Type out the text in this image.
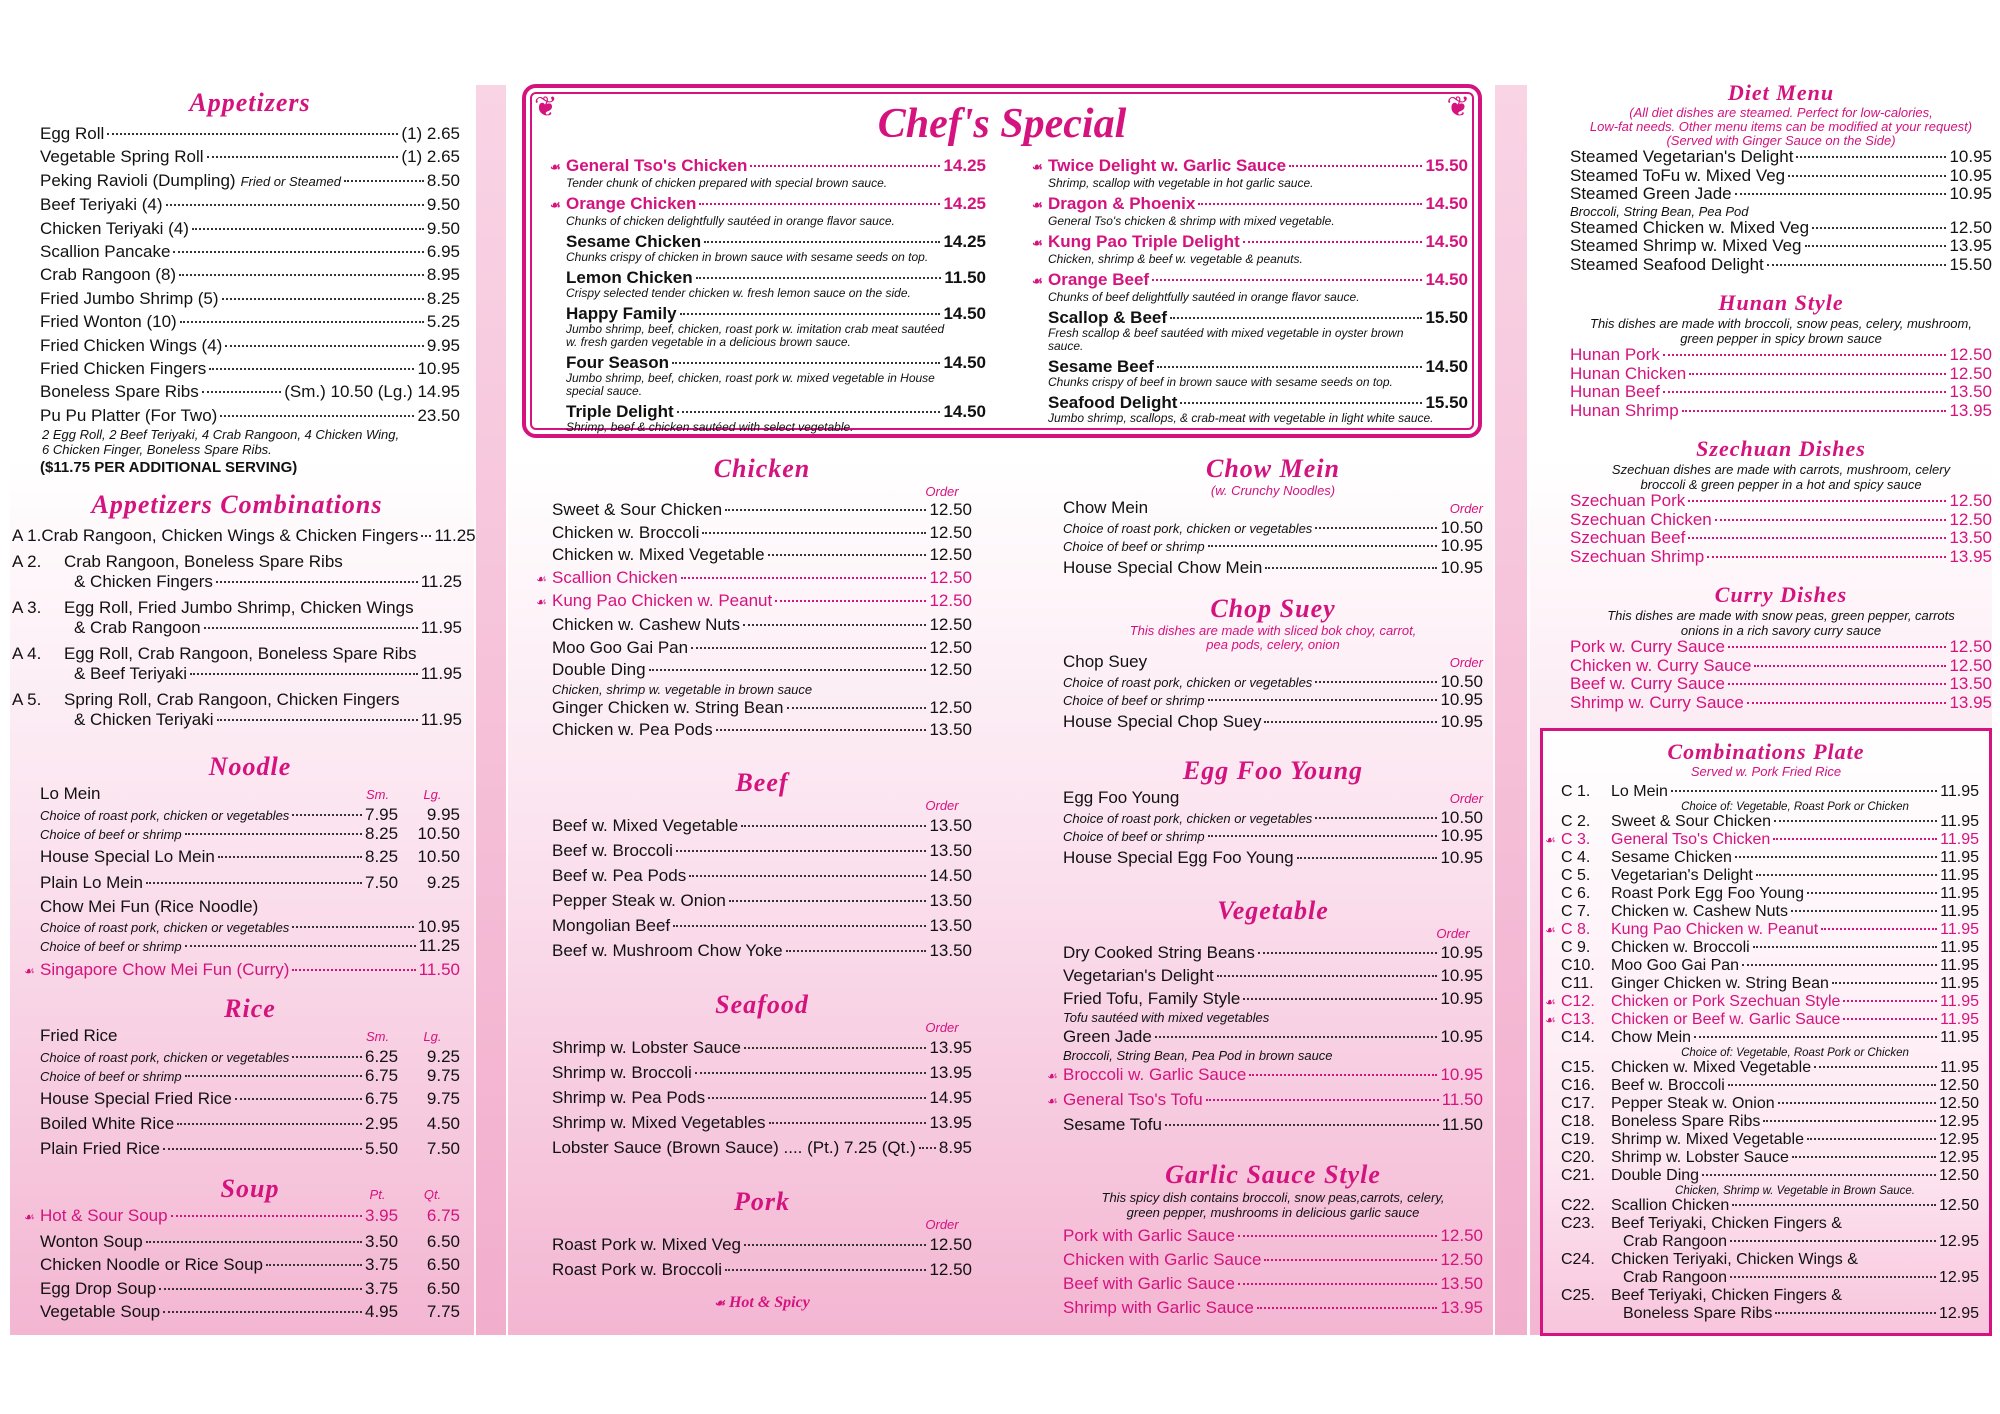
Appetizers
Egg Roll	(1) 2.65
Vegetable Spring Roll	(1) 2.65
Peking Ravioli (Dumpling) Fried or Steamed	8.50
Beef Teriyaki (4)	9.50
Chicken Teriyaki (4)	9.50
Scallion Pancake	6.95
Crab Rangoon (8)	8.95
Fried Jumbo Shrimp (5)	8.25
Fried Wonton (10)	5.25
Fried Chicken Wings (4)	9.95
Fried Chicken Fingers	10.95
Boneless Spare Ribs	(Sm.) 10.50 (Lg.) 14.95
Pu Pu Platter (For Two)	23.50
2 Egg Roll, 2 Beef Teriyaki, 4 Crab Rangoon, 4 Chicken Wing,
6 Chicken Finger, Boneless Spare Ribs.
($11.75 PER ADDITIONAL SERVING)
Appetizers Combinations
A 1. Crab Rangoon, Chicken Wings & Chicken Fingers 11.25
A 2.	Crab Rangoon, Boneless Spare Ribs
& Chicken Fingers	11.25
A 3.	Egg Roll, Fried Jumbo Shrimp, Chicken Wings
& Crab Rangoon	11.95
A 4.	Egg Roll, Crab Rangoon, Boneless Spare Ribs
& Beef Teriyaki	11.95
A 5.	Spring Roll, Crab Rangoon, Chicken Fingers
& Chicken Teriyaki	11.95
Noodle
Lo Mein	Sm.	Lg.
Choice of roast pork, chicken or vegetables	7.95	9.95
Choice of beef or shrimp	8.25	10.50
House Special Lo Mein	8.25	10.50
Plain Lo Mein	7.50	9.25
Chow Mei Fun (Rice Noodle)
Choice of roast pork, chicken or vegetables	10.95
Choice of beef or shrimp	11.25
☙ Singapore Chow Mei Fun (Curry)	11.50
Rice
Fried Rice	Sm.	Lg.
Choice of roast pork, chicken or vegetables	6.25	9.25
Choice of beef or shrimp	6.75	9.75
House Special Fried Rice	6.75	9.75
Boiled White Rice	2.95	4.50
Plain Fried Rice	5.50	7.50
Soup	Pt.	Qt.
☙ Hot & Sour Soup	3.95	6.75
Wonton Soup	3.50	6.50
Chicken Noodle or Rice Soup	3.75	6.50
Egg Drop Soup	3.75	6.50
Vegetable Soup	4.95	7.75
❦	❦
Chef's Special
☙ General Tso's Chicken	14.25
Tender chunk of chicken prepared with special brown sauce.
☙ Orange Chicken	14.25
Chunks of chicken delightfully sautéed in orange flavor sauce.
Sesame Chicken	14.25
Chunks crispy of chicken in brown sauce with sesame seeds on top.
Lemon Chicken	11.50
Crispy selected tender chicken w. fresh lemon sauce on the side.
Happy Family	14.50
Jumbo shrimp, beef, chicken, roast pork w. imitation crab meat sautéed
w. fresh garden vegetable in a delicious brown sauce.
Four Season	14.50
Jumbo shrimp, beef, chicken, roast pork w. mixed vegetable in House
special sauce.
Triple Delight	14.50
Shrimp, beef & chicken sautéed with select vegetable.
☙ Twice Delight w. Garlic Sauce	15.50
Shrimp, scallop with vegetable in hot garlic sauce.
☙ Dragon & Phoenix	14.50
General Tso's chicken & shrimp with mixed vegetable.
☙ Kung Pao Triple Delight	14.50
Chicken, shrimp & beef w. vegetable & peanuts.
☙ Orange Beef	14.50
Chunks of beef delightfully sautéed in orange flavor sauce.
Scallop & Beef	15.50
Fresh scallop & beef sautéed with mixed vegetable in oyster brown
sauce.
Sesame Beef	14.50
Chunks crispy of beef in brown sauce with sesame seeds on top.
Seafood Delight	15.50
Jumbo shrimp, scallops, & crab-meat with vegetable in light white sauce.
Chicken
Order
Sweet & Sour Chicken	12.50
Chicken w. Broccoli	12.50
Chicken w. Mixed Vegetable	12.50
☙ Scallion Chicken	12.50
☙ Kung Pao Chicken w. Peanut	12.50
Chicken w. Cashew Nuts	12.50
Moo Goo Gai Pan	12.50
Double Ding	12.50
Chicken, shrimp w. vegetable in brown sauce
Ginger Chicken w. String Bean	12.50
Chicken w. Pea Pods	13.50
Beef
Order
Beef w. Mixed Vegetable	13.50
Beef w. Broccoli	13.50
Beef w. Pea Pods	14.50
Pepper Steak w. Onion	13.50
Mongolian Beef	13.50
Beef w. Mushroom Chow Yoke	13.50
Seafood
Order
Shrimp w. Lobster Sauce	13.95
Shrimp w. Broccoli	13.95
Shrimp w. Pea Pods	14.95
Shrimp w. Mixed Vegetables	13.95
Lobster Sauce (Brown Sauce) .... (Pt.) 7.25 (Qt.) 8.95
Pork
Order
Roast Pork w. Mixed Veg	12.50
Roast Pork w. Broccoli	12.50
☙ Hot & Spicy
Chow Mein
(w. Crunchy Noodles)
Chow Mein	Order
Choice of roast pork, chicken or vegetables	10.50
Choice of beef or shrimp	10.95
House Special Chow Mein	10.95
Chop Suey
This dishes are made with sliced bok choy, carrot,
pea pods, celery, onion
Chop Suey	Order
Choice of roast pork, chicken or vegetables	10.50
Choice of beef or shrimp	10.95
House Special Chop Suey	10.95
Egg Foo Young
Egg Foo Young	Order
Choice of roast pork, chicken or vegetables	10.50
Choice of beef or shrimp	10.95
House Special Egg Foo Young	10.95
Vegetable
Order
Dry Cooked String Beans	10.95
Vegetarian's Delight	10.95
Fried Tofu, Family Style	10.95
Tofu sautéed with mixed vegetables
Green Jade	10.95
Broccoli, String Bean, Pea Pod in brown sauce
☙ Broccoli w. Garlic Sauce	10.95
☙ General Tso's Tofu	11.50
Sesame Tofu	11.50
Garlic Sauce Style
This spicy dish contains broccoli, snow peas,carrots, celery,
green pepper, mushrooms in delicious garlic sauce
Pork with Garlic Sauce	12.50
Chicken with Garlic Sauce	12.50
Beef with Garlic Sauce	13.50
Shrimp with Garlic Sauce	13.95
Diet Menu
(All diet dishes are steamed. Perfect for low-calories,
Low-fat needs. Other menu items can be modified at your request)
(Served with Ginger Sauce on the Side)
Steamed Vegetarian's Delight	10.95
Steamed ToFu w. Mixed Veg	10.95
Steamed Green Jade	10.95
Broccoli, String Bean, Pea Pod
Steamed Chicken w. Mixed Veg	12.50
Steamed Shrimp w. Mixed Veg	13.95
Steamed Seafood Delight	15.50
Hunan Style
This dishes are made with broccoli, snow peas, celery, mushroom,
green pepper in spicy brown sauce
Hunan Pork	12.50
Hunan Chicken	12.50
Hunan Beef	13.50
Hunan Shrimp	13.95
Szechuan Dishes
Szechuan dishes are made with carrots, mushroom, celery
broccoli & green pepper in a hot and spicy sauce
Szechuan Pork	12.50
Szechuan Chicken	12.50
Szechuan Beef	13.50
Szechuan Shrimp	13.95
Curry Dishes
This dishes are made with snow peas, green pepper, carrots
onions in a rich savory curry sauce
Pork w. Curry Sauce	12.50
Chicken w. Curry Sauce	12.50
Beef w. Curry Sauce	13.50
Shrimp w. Curry Sauce	13.95
Combinations Plate
Served w. Pork Fried Rice
C 1.	Lo Mein	11.95
Choice of: Vegetable, Roast Pork or Chicken
C 2.	Sweet & Sour Chicken	11.95
☙ C 3.	General Tso's Chicken	11.95
C 4.	Sesame Chicken	11.95
C 5.	Vegetarian's Delight	11.95
C 6.	Roast Pork Egg Foo Young	11.95
C 7.	Chicken w. Cashew Nuts	11.95
☙ C 8.	Kung Pao Chicken w. Peanut	11.95
C 9.	Chicken w. Broccoli	11.95
C10.	Moo Goo Gai Pan	11.95
C11.	Ginger Chicken w. String Bean	11.95
☙ C12.	Chicken or Pork Szechuan Style	11.95
☙ C13.	Chicken or Beef w. Garlic Sauce	11.95
C14.	Chow Mein	11.95
Choice of: Vegetable, Roast Pork or Chicken
C15.	Chicken w. Mixed Vegetable	11.95
C16.	Beef w. Broccoli	12.50
C17.	Pepper Steak w. Onion	12.50
C18.	Boneless Spare Ribs	12.95
C19.	Shrimp w. Mixed Vegetable	12.95
C20.	Shrimp w. Lobster Sauce	12.95
C21.	Double Ding	12.50
Chicken, Shrimp w. Vegetable in Brown Sauce.
C22.	Scallion Chicken	12.50
C23.	Beef Teriyaki, Chicken Fingers &
Crab Rangoon	12.95
C24.	Chicken Teriyaki, Chicken Wings &
Crab Rangoon	12.95
C25.	Beef Teriyaki, Chicken Fingers &
Boneless Spare Ribs	12.95
